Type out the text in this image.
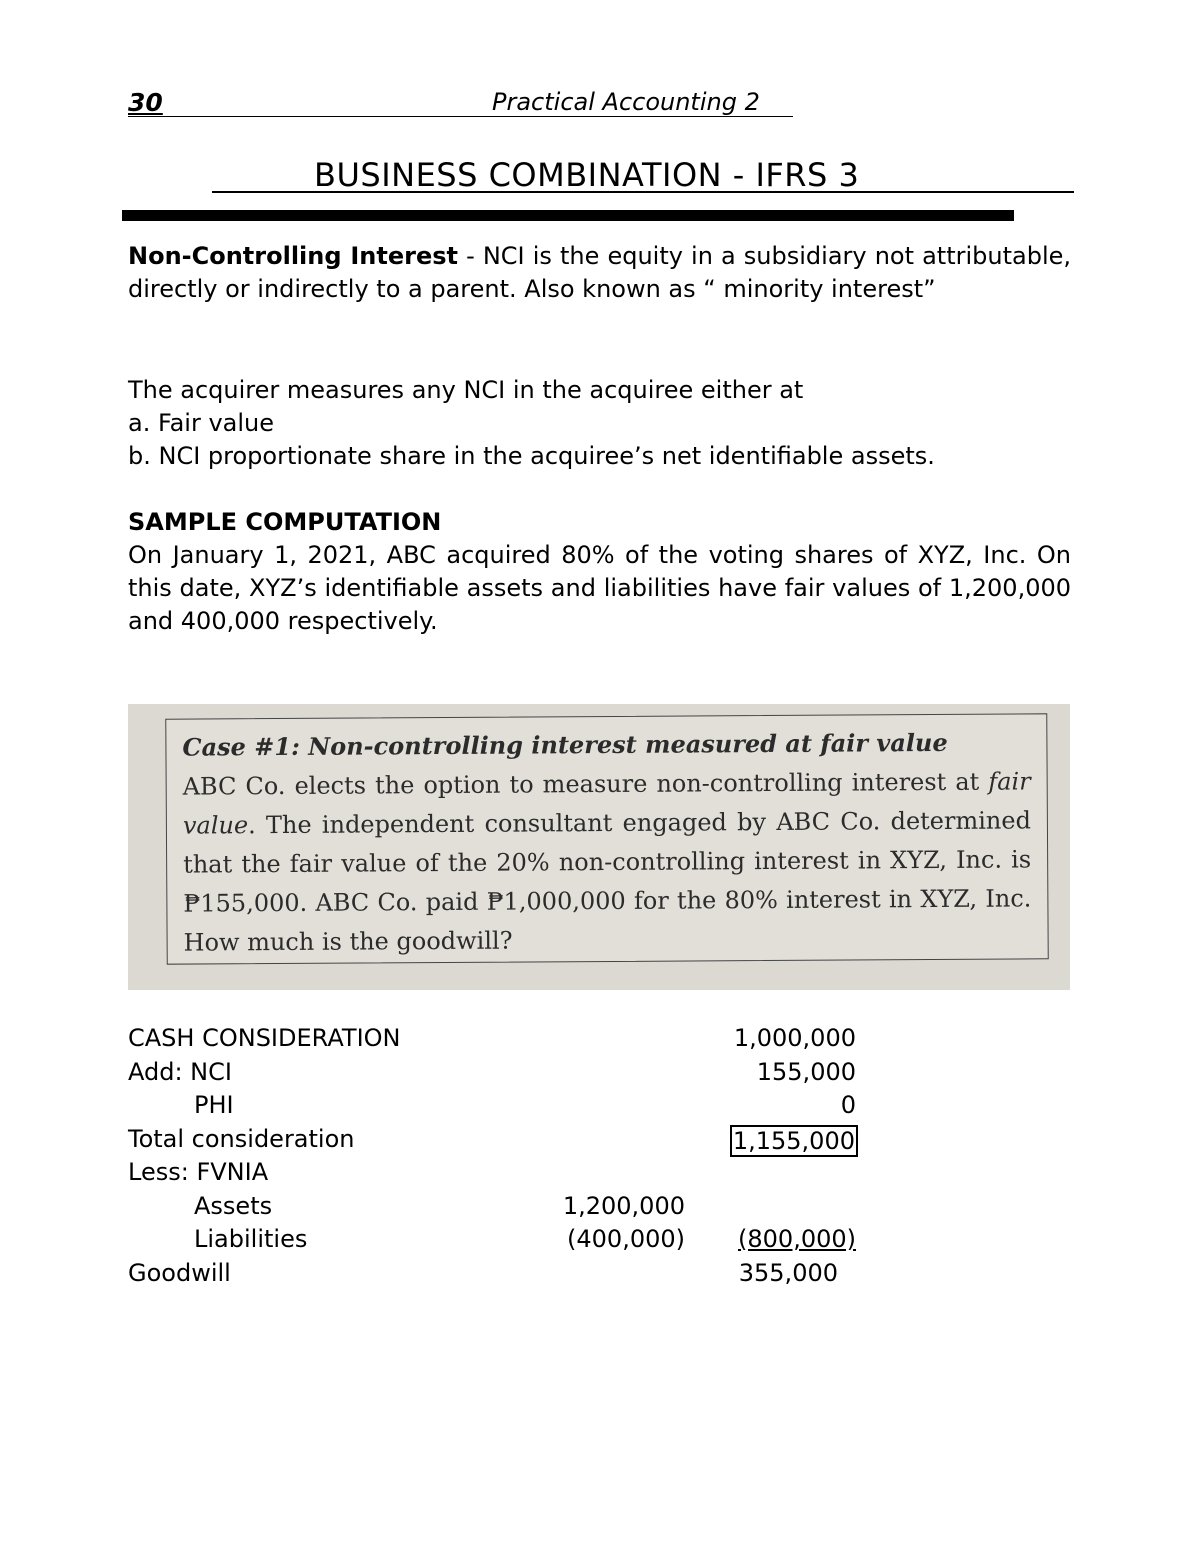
30	Practical Accounting 2
BUSINESS COMBINATION - IFRS 3
Non-Controlling Interest - NCI is the equity in a subsidiary not attributable, directly or indirectly to a parent. Also known as “ minority interest”
The acquirer measures any NCI in the acquiree either at
a. Fair value
b. NCI proportionate share in the acquiree’s net identifiable assets.
SAMPLE COMPUTATION
On January 1, 2021, ABC acquired 80% of the voting shares of XYZ, Inc. On this date, XYZ’s identifiable assets and liabilities have fair values of 1,200,000 and 400,000 respectively.
Case #1: Non-controlling interest measured at fair value
ABC Co. elects the option to measure non-controlling interest at fair value. The independent consultant engaged by ABC Co. determined that the fair value of the 20% non-controlling interest in XYZ, Inc. is ₱155,000. ABC Co. paid ₱1,000,000 for the 80% interest in XYZ, Inc. How much is the goodwill?
CASH CONSIDERATION	1,000,000
Add: NCI	155,000
PHI	0
Total consideration	1,155,000
Less: FVNIA
Assets	1,200,000
Liabilities	(400,000) (800,000)
Goodwill	355,000
